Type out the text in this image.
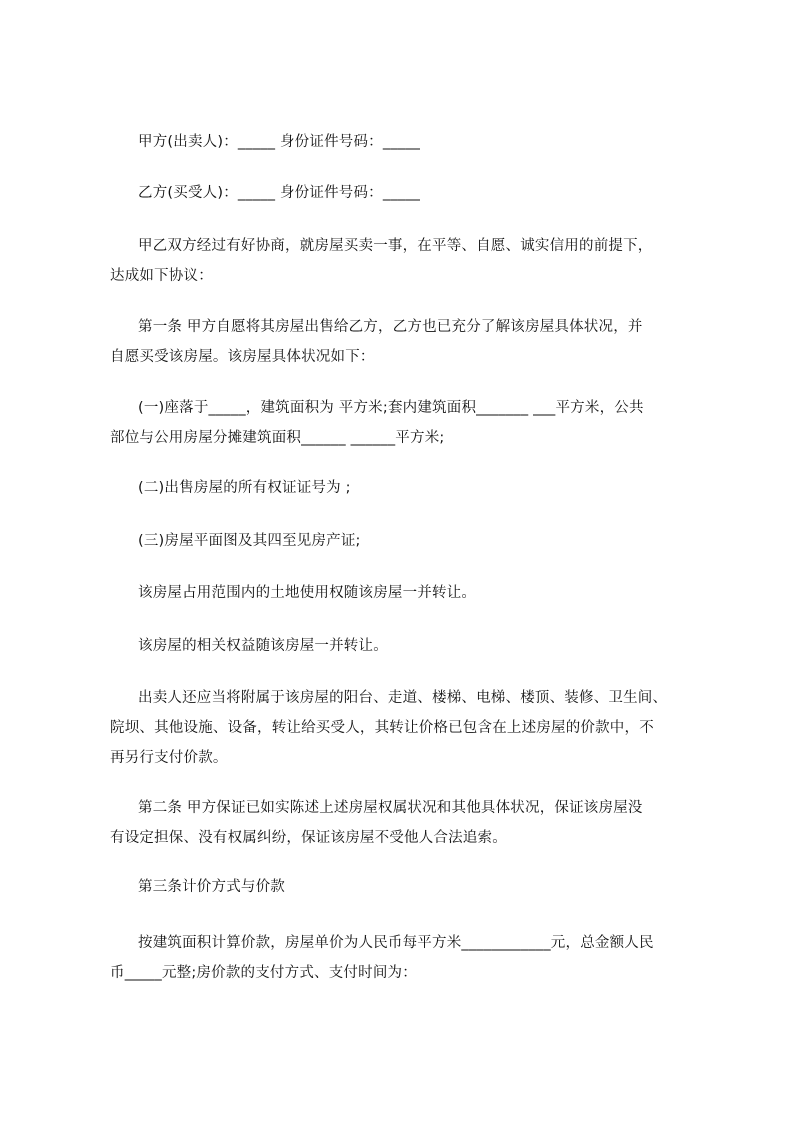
甲方(出卖人)：_____ 身份证件号码：_____
乙方(买受人)：_____ 身份证件号码：_____
甲乙双方经过有好协商，就房屋买卖一事，在平等、自愿、诚实信用的前提下，
达成如下协议：
第一条 甲方自愿将其房屋出售给乙方，乙方也已充分了解该房屋具体状况，并
自愿买受该房屋。该房屋具体状况如下：
(一)座落于_____，建筑面积为 平方米;套内建筑面积_______ ___平方米，公共
部位与公用房屋分摊建筑面积______ ______平方米;
(二)出售房屋的所有权证证号为 ;
(三)房屋平面图及其四至见房产证;
该房屋占用范围内的土地使用权随该房屋一并转让。
该房屋的相关权益随该房屋一并转让。
出卖人还应当将附属于该房屋的阳台、走道、楼梯、电梯、楼顶、装修、卫生间、
院坝、其他设施、设备，转让给买受人，其转让价格已包含在上述房屋的价款中，不
再另行支付价款。
第二条 甲方保证已如实陈述上述房屋权属状况和其他具体状况，保证该房屋没
有设定担保、没有权属纠纷，保证该房屋不受他人合法追索。
第三条计价方式与价款
按建筑面积计算价款，房屋单价为人民币每平方米____________元，总金额人民
币_____元整;房价款的支付方式、支付时间为：
